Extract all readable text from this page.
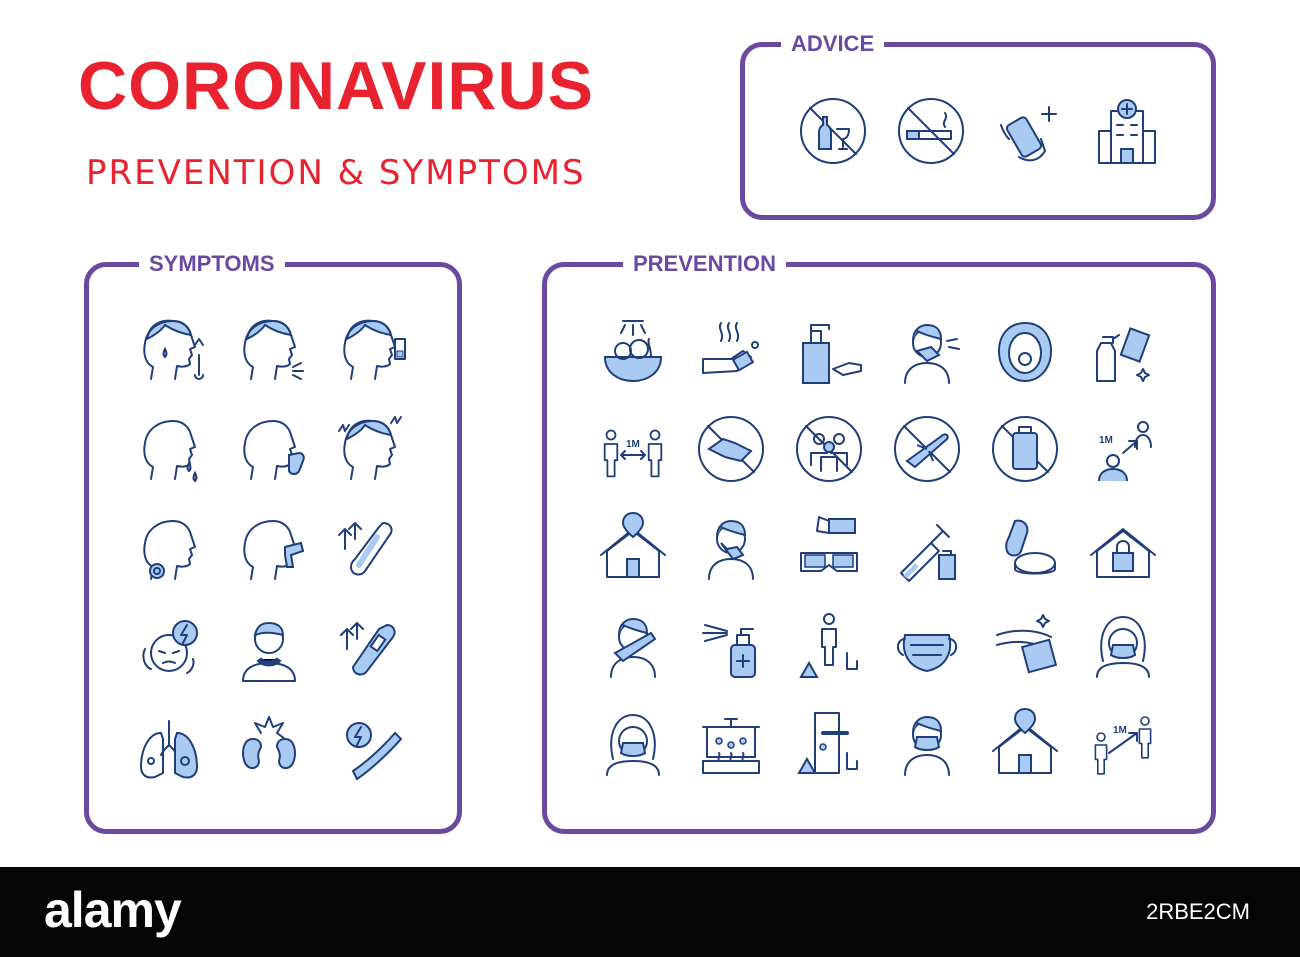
CORONAVIRUS
PREVENTION & SYMPTOMS
ADVICE
SYMPTOMS	PREVENTION
1M	1M
1M
alamy	2RBE2CM
